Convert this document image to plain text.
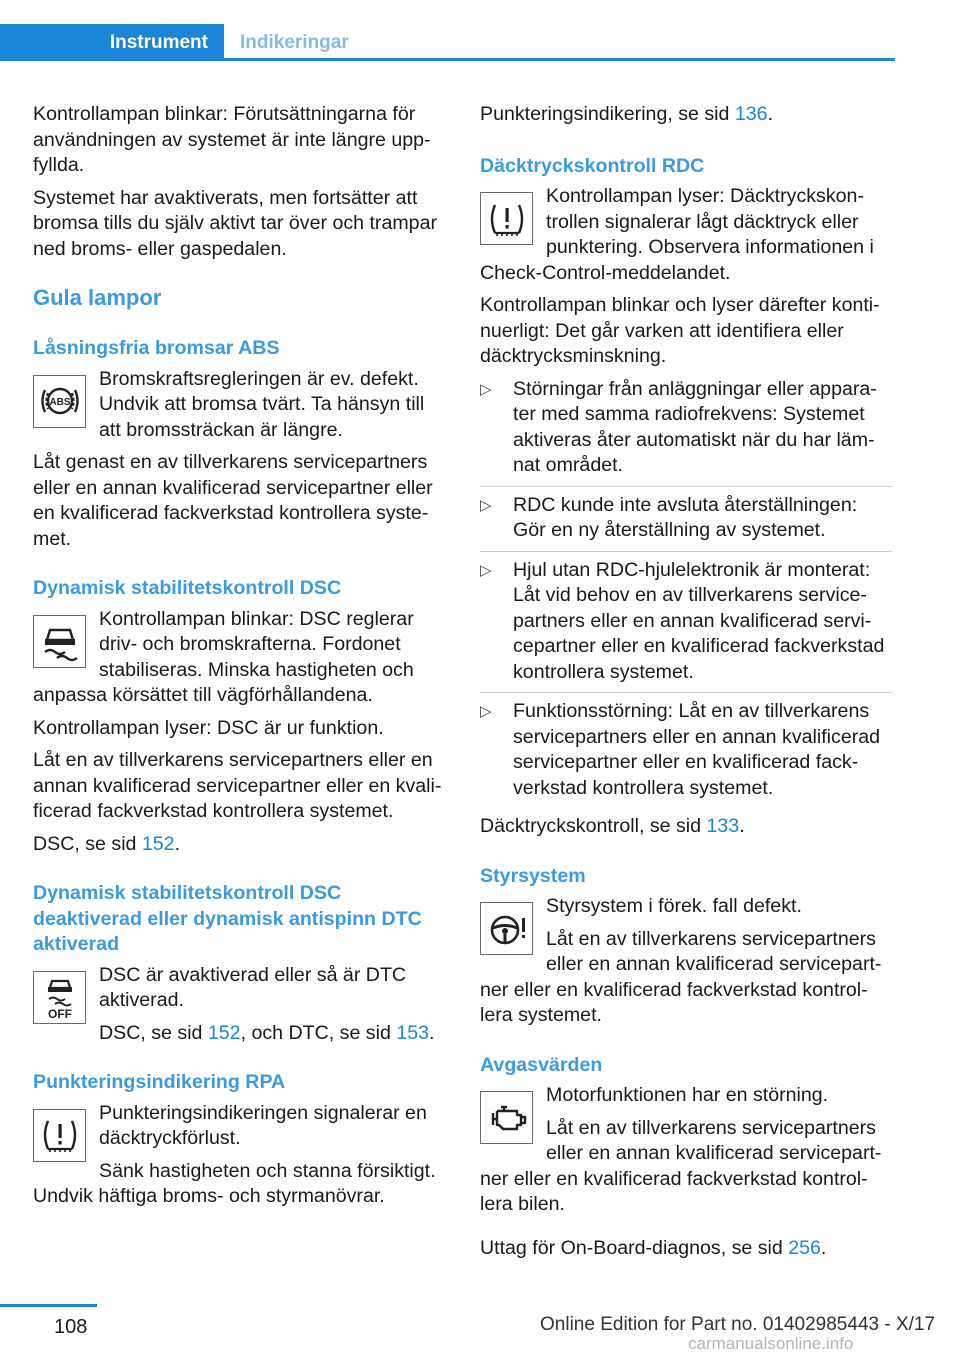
Instrument Indikeringar

Kontrollampan blinkar: Förutsättningarna för användningen av systemet är inte längre uppfyllda.

Systemet har avaktiverats, men fortsätter att bromsa tills du själv aktivt tar över och trampar ned broms- eller gaspedalen.

Gula lampor
Låsningsfria bromsar ABS
ABS

Bromskraftsregleringen är ev. defekt. Undvik att bromsa tvärt. Ta hänsyn till att bromssträckan är längre.

Låt genast en av tillverkarens servicepartners eller en annan kvalificerad servicepartner eller en kvalificerad fackverkstad kontrollera systemet.

Dynamisk stabilitetskontroll DSC

Kontrollampan blinkar: DSC reglerar driv- och bromskrafterna. Fordonet stabiliseras. Minska hastigheten och anpassa körsättet till vägförhållandena.

Kontrollampan lyser: DSC är ur funktion.

Låt en av tillverkarens servicepartners eller en annan kvalificerad servicepartner eller en kvalificerad fackverkstad kontrollera systemet.

DSC, se sid 152.

Dynamisk stabilitetskontroll DSC deaktiverad eller dynamisk antispinn DTC aktiverad
OFF

DSC är avaktiverad eller så är DTC aktiverad.

DSC, se sid 152, och DTC, se sid 153.

Punkteringsindikering RPA

Punkteringsindikeringen signalerar en däcktryckförlust.

Sänk hastigheten och stanna försiktigt. Undvik häftiga broms- och styrmanövrar.

Punkteringsindikering, se sid 136.

Däcktryckskontroll RDC

Kontrollampan lyser: Däcktryckskontrollen signalerar lågt däcktryck eller punktering. Observera informationen i Check-Control-meddelandet.

Kontrollampan blinkar och lyser därefter kontinuerligt: Det går varken att identifiera eller däcktrycksminskning.

▷ Störningar från anläggningar eller apparater med samma radiofrekvens: Systemet aktiveras åter automatiskt när du har lämnat området.
▷ RDC kunde inte avsluta återställningen: Gör en ny återställning av systemet.
▷ Hjul utan RDC-hjulelektronik är monterat: Låt vid behov en av tillverkarens servicepartners eller en annan kvalificerad servicepartner eller en kvalificerad fackverkstad kontrollera systemet.
▷ Funktionsstörning: Låt en av tillverkarens servicepartners eller en annan kvalificerad servicepartner eller en kvalificerad fackverkstad kontrollera systemet.

Däcktryckskontroll, se sid 133.

Styrsystem

Styrsystem i förek. fall defekt.

Låt en av tillverkarens servicepartners eller en annan kvalificerad servicepartner eller en kvalificerad fackverkstad kontrollera systemet.

Avgasvärden

Motorfunktionen har en störning.

Låt en av tillverkarens servicepartners eller en annan kvalificerad servicepartner eller en kvalificerad fackverkstad kontrollera bilen.

Uttag för On-Board-diagnos, se sid 256.

108	Online Edition for Part no. 01402985443 - X/17
carmanualsonline.info
